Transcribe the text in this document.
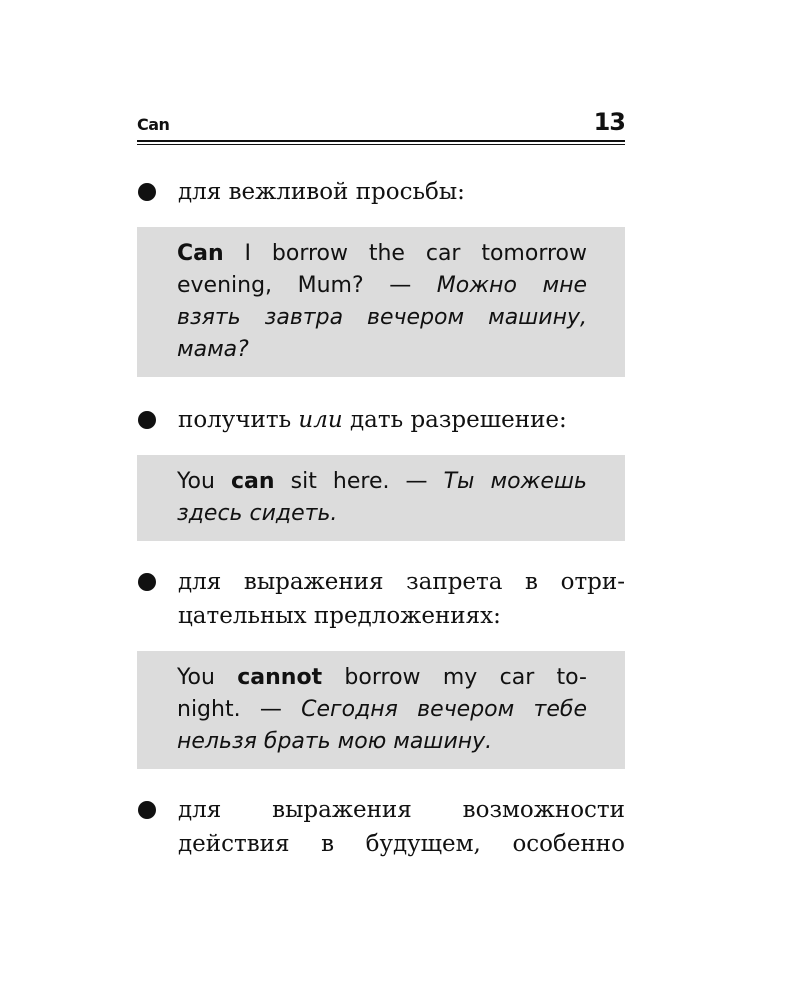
Can	13
для вежливой просьбы:
Can I borrow the car tomorrow
evening, Mum? — Можно мне
взять завтра вечером машину,
мама?
получить или дать разрешение:
You can sit here. — Ты можешь
здесь сидеть.
для выражения запрета в отри-
цательных предложениях:
You cannot borrow my car to-
night. — Сегодня вечером тебе
нельзя брать мою машину.
для выражения возможности
действия в будущем, особенно
